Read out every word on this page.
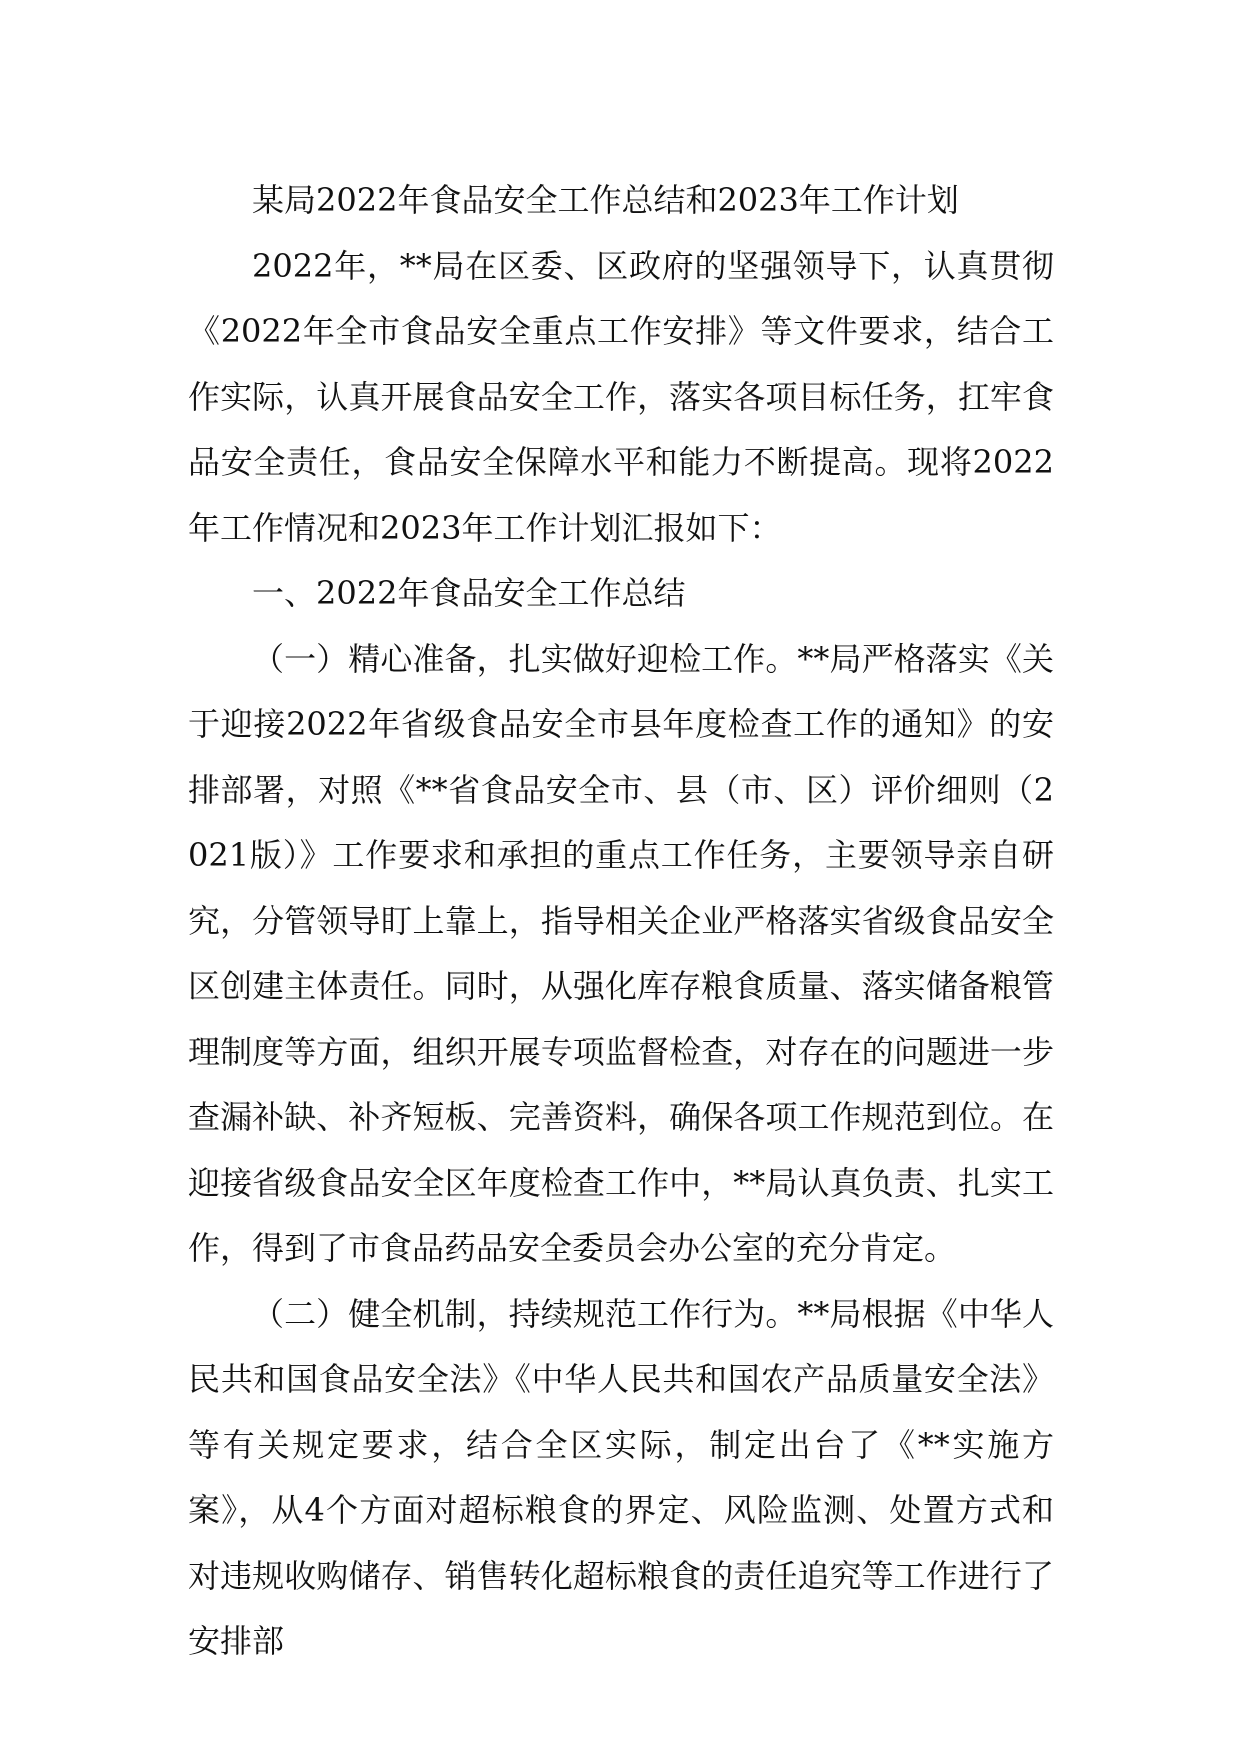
某局2022年食品安全工作总结和2023年工作计划

2022年，**局在区委、区政府的坚强领导下，认真贯彻《2022年全市食品安全重点工作安排》等文件要求，结合工作实际，认真开展食品安全工作，落实各项目标任务，扛牢食品安全责任，食品安全保障水平和能力不断提高。现将2022年工作情况和2023年工作计划汇报如下：

一、2022年食品安全工作总结

（一）精心准备，扎实做好迎检工作。**局严格落实《关于迎接2022年省级食品安全市县年度检查工作的通知》的安排部署，对照《**省食品安全市、县（市、区）评价细则（2021版）》工作要求和承担的重点工作任务，主要领导亲自研究，分管领导盯上靠上，指导相关企业严格落实省级食品安全区创建主体责任。同时，从强化库存粮食质量、落实储备粮管理制度等方面，组织开展专项监督检查，对存在的问题进一步查漏补缺、补齐短板、完善资料，确保各项工作规范到位。在迎接省级食品安全区年度检查工作中，**局认真负责、扎实工作，得到了市食品药品安全委员会办公室的充分肯定。

（二）健全机制，持续规范工作行为。**局根据《中华人民共和国食品安全法》《中华人民共和国农产品质量安全法》等有关规定要求，结合全区实际，制定出台了《**实施方案》，从4个方面对超标粮食的界定、风险监测、处置方式和对违规收购储存、销售转化超标粮食的责任追究等工作进行了安排部
